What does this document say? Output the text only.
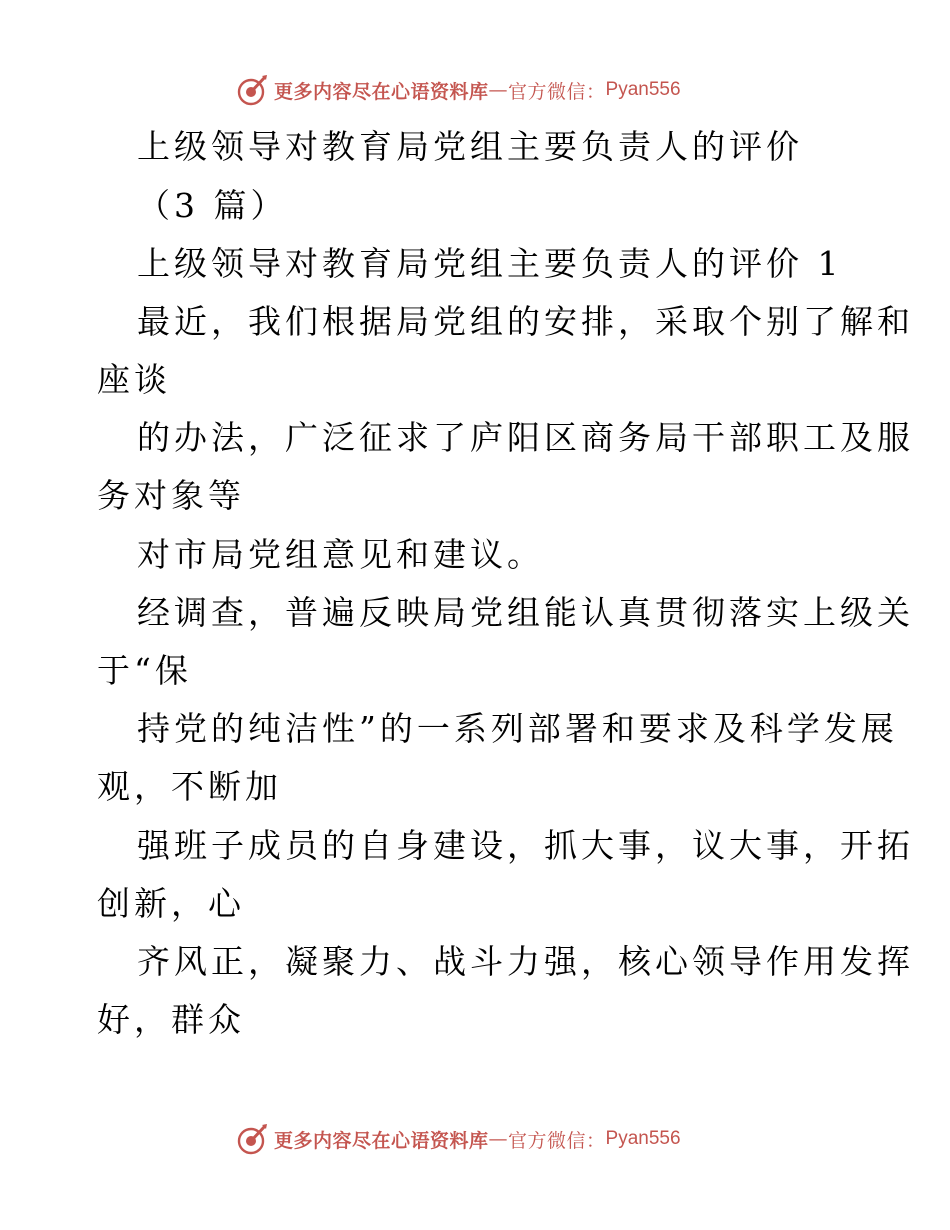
更多内容尽在心语资料库 — 官方微信： Pyan556

上级领导对教育局党组主要负责人的评价

（3 篇）

上级领导对教育局党组主要负责人的评价 1

最近，我们根据局党组的安排，采取个别了解和

座谈

的办法，广泛征求了庐阳区商务局干部职工及服

务对象等

对市局党组意见和建议。

经调查，普遍反映局党组能认真贯彻落实上级关

于“保

持党的纯洁性”的一系列部署和要求及科学发展

观，不断加

强班子成员的自身建设，抓大事，议大事，开拓

创新，心

齐风正，凝聚力、战斗力强，核心领导作用发挥

好，群众

更多内容尽在心语资料库 — 官方微信： Pyan556
